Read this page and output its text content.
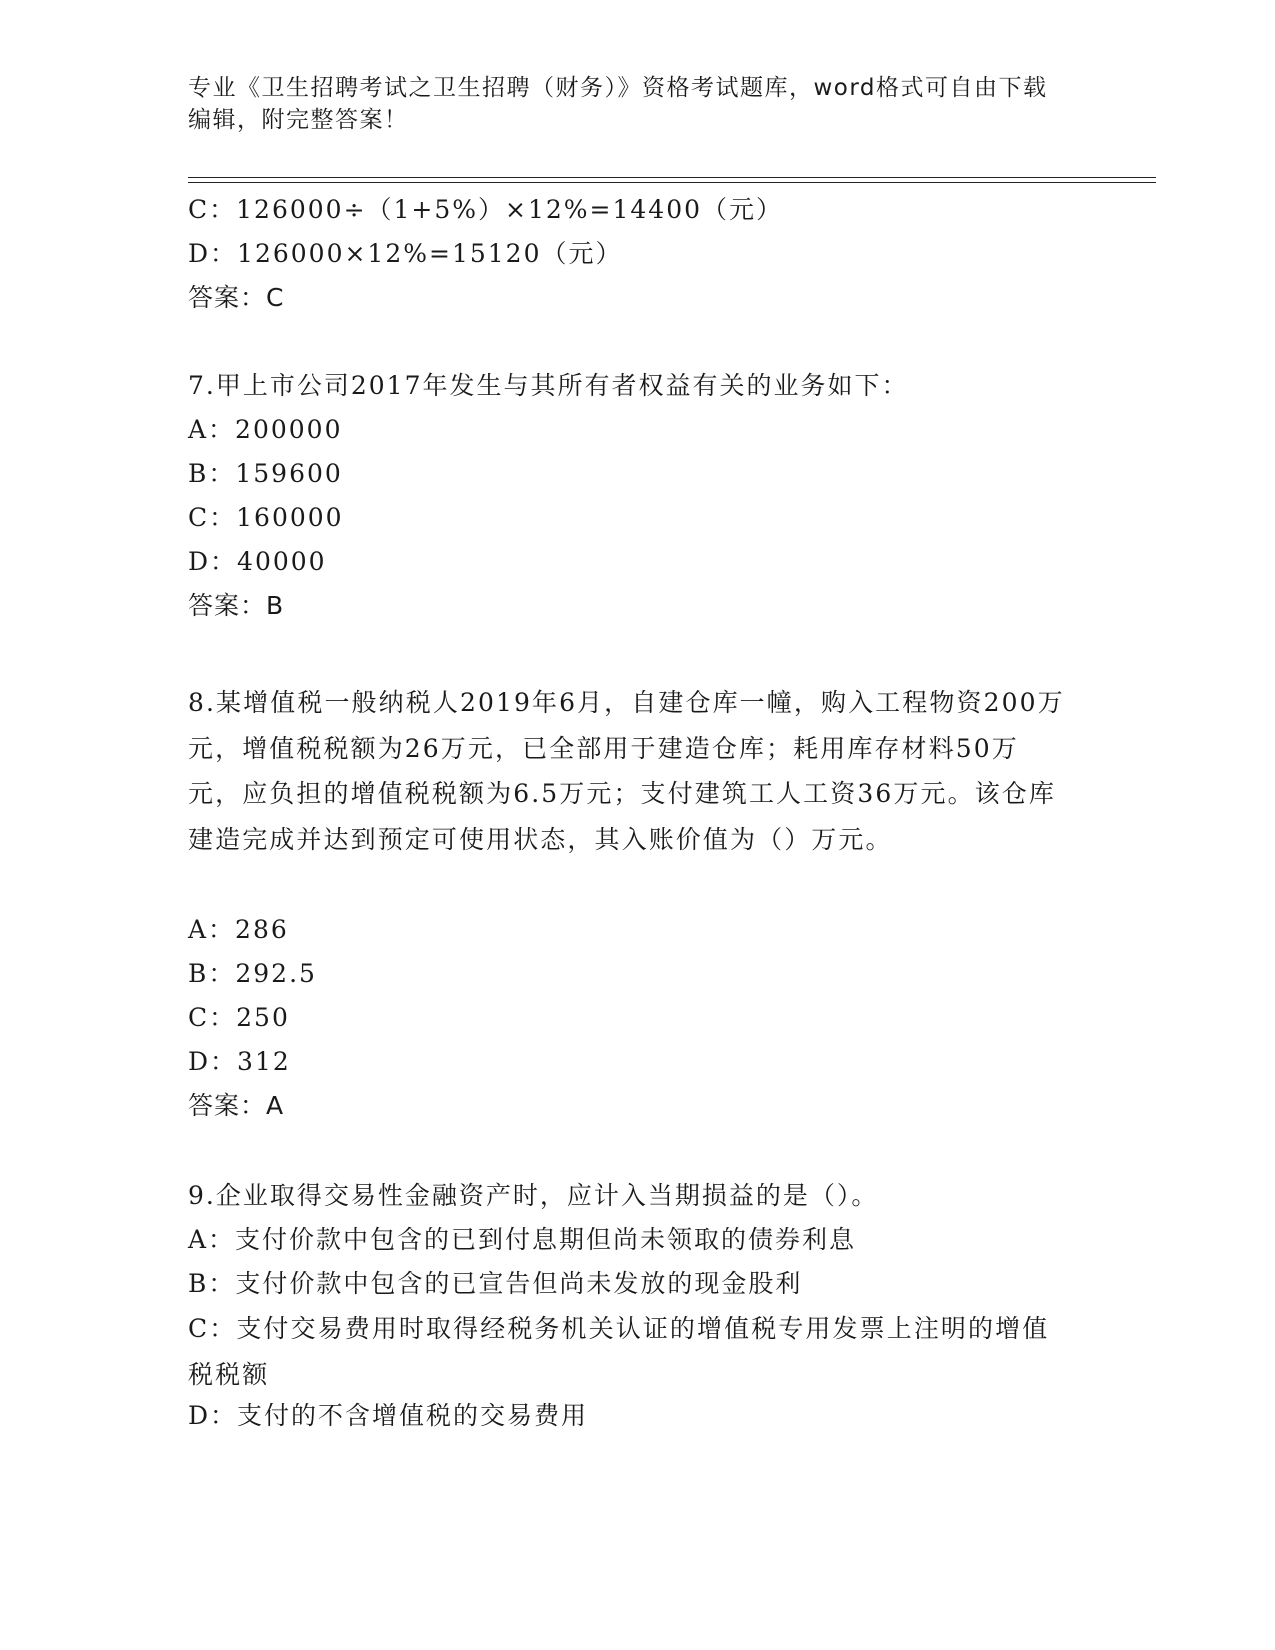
专业《卫生招聘考试之卫生招聘（财务）》资格考试题库，word格式可自由下载
编辑，附完整答案！
C：126000÷（1+5%）×12%=14400（元）
D：126000×12%=15120（元）
答案：C
7.甲上市公司2017年发生与其所有者权益有关的业务如下：
A：200000
B：159600
C：160000
D：40000
答案：B
8.某增值税一般纳税人2019年6月，自建仓库一幢，购入工程物资200万元，增值税税额为26万元，已全部用于建造仓库；耗用库存材料50万元，应负担的增值税税额为6.5万元；支付建筑工人工资36万元。该仓库建造完成并达到预定可使用状态，其入账价值为（）万元。
A：286
B：292.5
C：250
D：312
答案：A
9.企业取得交易性金融资产时，应计入当期损益的是（）。
A：支付价款中包含的已到付息期但尚未领取的债券利息
B：支付价款中包含的已宣告但尚未发放的现金股利
C：支付交易费用时取得经税务机关认证的增值税专用发票上注明的增值税税额
D：支付的不含增值税的交易费用
